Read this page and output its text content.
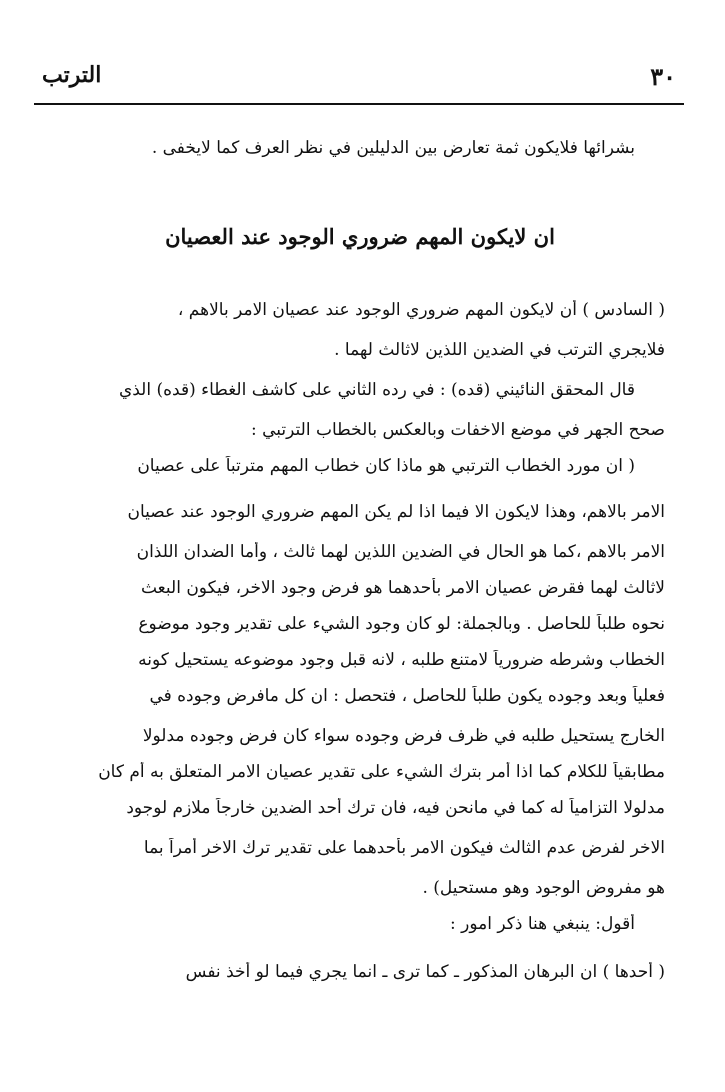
٣٠
الترتب
بشرائها فلايكون ثمة تعارض بين الدليلين في نظر العرف كما لايخفى .
ان لايكون المهم ضروري الوجود عند العصيان
( السادس ) أن لايكون المهم ضروري الوجود عند عصيان الامر بالاهم ،
فلايجري الترتب في الضدين اللذين لاثالث لهما .
قال المحقق النائيني (قده) : في رده الثاني على كاشف الغطاء (قده) الذي
صحح الجهر في موضع الاخفات وبالعكس بالخطاب الترتبي :
( ان مورد الخطاب الترتبي هو ماذا كان خطاب المهم مترتباً على عصيان
الامر بالاهم، وهذا لايكون الا فيما اذا لم يكن المهم ضروري الوجود عند عصيان
الامر بالاهم ،كما هو الحال في الضدين اللذين لهما ثالث ، وأما الضدان اللذان
لاثالث لهما فقرض عصيان الامر بأحدهما هو فرض وجود الاخر، فيكون البعث
نحوه طلباً للحاصل . وبالجملة: لو كان وجود الشيء على تقدير وجود موضوع
الخطاب وشرطه ضرورياً لامتنع طلبه ، لانه قبل وجود موضوعه يستحيل كونه
فعلياً وبعد وجوده يكون طلباً للحاصل ، فتحصل : ان كل مافرض وجوده في
الخارج يستحيل طلبه في ظرف فرض وجوده سواء كان فرض وجوده مدلولا
مطابقياً للكلام كما اذا أمر بترك الشيء على تقدير عصيان الامر المتعلق به أم كان
مدلولا التزامياً له كما في مانحن فيه، فان ترك أحد الضدين خارجاً ملازم لوجود
الاخر لفرض عدم الثالث فيكون الامر بأحدهما على تقدير ترك الاخر أمراً بما
هو مفروض الوجود وهو مستحيل) .
أقول: ينبغي هنا ذكر امور :
( أحدها ) ان البرهان المذكور ـ كما ترى ـ انما يجري فيما لو أخذ نفس
